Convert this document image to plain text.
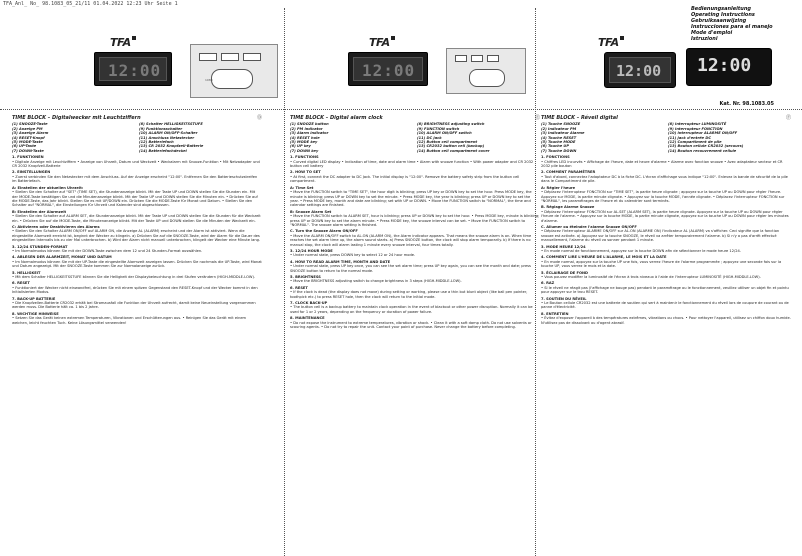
TFA_Anl_ No_ 98.1083_05_21/11 01.04.2022 12:23 Uhr Seite 1
TFA
12:00	1083
TFA
12:00
TFA
12:00
Bedienungsanleitung
Operating Instructions
Gebruiksaanwijzing
Instrucciones para el manejo
Mode d'emploi
Istruzioni
12:00
Kat. Nr. 98.1083.05
TIME BLOCK – Digitalwecker mit Leuchtziffern	Ⓓ
(1) SNOOZE-Taste
(2) Anzeige PM
(3) Anzeige Alarm
(4) RESET-Knopf
(5) MODE-Taste
(6) UP-Taste
(7) DOWN-Taste
(8) Schalter HELLIGKEITSSTUFE
(9) Funktionsschalter
(10) ALARM ON/OFF-Schalter
(11) Anschluss Netzstecker
(12) Batteriefach
(13) CR 2032 Knopfzell-Batterie
(14) Batteriefachdeckel
1. FUNKTIONEN

• Digitale Anzeige mit Leuchtziffern • Anzeige von Uhrzeit, Datum und Weckzeit • Weckalarm mit Snooze-Funktion • Mit Netzadapter und CR 2032 Knopfzell-Batterie

2. EINSTELLUNGEN

• Zuerst verbinden Sie den Netzstecker mit dem Anschluss. Auf der Anzeige erscheint "12:00". Entfernen Sie den Batterieschutzstreifen im Batteriefach.

A: Einstellen der aktuellen Uhrzeit:

• Stellen Sie den Schalter auf "SET" (TIME SET), die Stundenanzeige blinkt. Mit der Taste UP und DOWN stellen Sie die Stunden ein. Mit der MODE-Taste bestätigen Sie und die Minutenanzeige blinkt. Mit der Taste UP und DOWN stellen Sie die Minuten ein. • Drücken Sie auf die MODE-Taste, das Jahr blinkt. Stellen Sie es mit UP/DOWN ein. Drücken Sie die MODE-Taste für Monat und Datum. • Stellen Sie den Schalter auf "NORMAL", die Einstellungen für Uhrzeit und Kalender sind abgeschlossen.

B: Einstellen der Alarmzeit

• Stellen Sie den Schalter auf ALARM SET, die Stundenanzeige blinkt. Mit der Taste UP und DOWN stellen Sie die Stunden für die Weckzeit ein. • Drücken Sie auf die MODE-Taste, die Minutenanzeige blinkt. Mit der Taste UP und DOWN stellen Sie die Minuten der Weckzeit ein.

C: Aktivieren oder Deaktivieren des Alarms

• Stellen Sie den Schalter ALARM ON/OFF auf ALARM ON, die Anzeige AL (ALARM) erscheint und der Alarm ist aktiviert. Wenn die eingestellte Alarmzeit erreicht ist, beginnt der Wecker zu klingeln. a) Drücken Sie auf die SNOOZE-Taste, wird der Alarm für die Dauer des eingestellten Intervalls bis zu vier Mal unterbrochen. b) Wird der Alarm nicht manuell unterbrochen, klingelt der Wecker eine Minute lang.

3. 12/24 STUNDEN-FORMAT

• Im Normalmodus können Sie mit der DOWN-Taste zwischen dem 12 und 24 Stunden-Format auswählen.

4. ABLESEN DER ALARMZEIT, MONAT UND DATUM

• Im Normalmodus können Sie mit der UP-Taste die eingestellte Alarmzeit anzeigen lassen. Drücken Sie nochmals die UP-Taste, wird Monat und Datum angezeigt. Mit der SNOOZE-Taste kommen Sie zur Normalanzeige zurück.

5. HELLIGKEIT

• Mit dem Schalter HELLIGKEITSSTUFE können Sie die Helligkeit der Displaybeleuchtung in drei Stufen verändern (HIGH-MIDDLE-LOW).

6. RESET

• Funktioniert der Wecker nicht einwandfrei, drücken Sie mit einem spitzen Gegenstand den RESET-Knopf und der Wecker kommt in den Initialisierten Modus.

7. BACK-UP BATTERIE

• Die Knopfzellen-Batterie CR2032 erhält bei Stromausfall die Funktion der Uhrzeit aufrecht, damit keine Neueinstellung vorgenommen werden muss. Die Batterie hält ca. 1 bis 2 Jahre.

8. WICHTIGE HINWEISE

• Setzen Sie das Gerät keinen extremen Temperaturen, Vibrationen und Erschütterungen aus. • Reinigen Sie das Gerät mit einem weichen, leicht feuchten Tuch. Keine Lösungsmittel verwenden!

TIME BLOCK – Digital alarm clock	Ⓔ
(1) SNOOZE button
(2) PM indicator
(3) Alarm indicator
(4) RESET hole
(5) MODE key
(6) UP key
(7) DOWN key
(8) BRIGHTNESS adjusting switch
(9) FUNCTION switch
(10) ALARM ON/OFF switch
(11) DC Jack
(12) Button cell compartment
(13) CR2032 button cell (backup)
(14) Button cell compartment cover
1. FUNCTIONS

• Curved digital LED display • Indication of time, date and alarm time • Alarm with snooze function • With power adapter and CR 2032 button cell battery

2. HOW TO SET

• At first, connect the DC adapter to DC Jack. The initial display is "12:00". Remove the battery safety strip from the button cell compartment.

A: Time Set

• Move the FUNCTION switch to "TIME SET", the hour digit is blinking; press UP key or DOWN key to set the hour. Press MODE key, the minute is blinking; press UP or DOWN key to set the minute. • Press MODE key, the year is blinking; press UP or DOWN key to set the year. • Press MODE key, month and date are blinking; set with UP or DOWN. • Move the FUNCTION switch to "NORMAL", the time and calendar settings are finished.

B: Snooze Alarm Set

• Move the FUNCTION switch to ALARM SET, hour is blinking; press UP or DOWN key to set the hour. • Press MODE key, minute is blinking; press UP or DOWN key to set the alarm minute. • Press MODE key, the snooze interval can be set. • Move the FUNCTION switch to "NORMAL". The snooze alarm setting is finished.

C. Turn the Snooze Alarm ON/OFF

• Move the ALARM ON/OFF switch to AL.ON (ALARM ON), the Alarm indicator appears. That means the snooze alarm is on. When time reaches the set alarm time up, the alarm sound starts. a) Press SNOOZE button, the clock will stop alarm temporarily. b) If there is no manual stop, the clock will alarm lasting 1 minute every snooze interval, four times totally.

3. 12/24 HOUR MODE

• Under normal state, press DOWN key to select 12 or 24 hour mode.

4. HOW TO READ ALARM TIME, MONTH AND DATE

• Under normal state, press UP key once, you can see the set alarm time; press UP key again, you can see the month and date; press SNOOZE button to return to the normal mode.

5. BRIGHTNESS

• Move the BRIGHTNESS adjusting switch to change brightness in 3 steps (HIGH-MIDDLE-LOW).

6. RESET

• If the clock is dead (the display does not move) during setting or working, please use a thin but blunt object (like ball pen pointer, toothpick etc.) to press RESET hole, then the clock will return to the initial mode.

7. CLOCK BACK-UP

• The button cell is a backup battery to maintain clock operation in the event of blackout or other power disruption. Normally it can be used for 1 or 2 years, depending on the frequency or duration of power failure.

8. MAINTENANCE

• Do not expose the instrument to extreme temperatures, vibration or shock. • Clean it with a soft damp cloth. Do not use solvents or scouring agents. • Do not try to repair the unit. Contact your point of purchase. Never change the battery before completing.

TIME BLOCK – Réveil digital	Ⓕ
(1) Touche SNOOZE
(2) Indicateur PM
(3) Indicateur Alarme
(4) Touche RESET
(5) Touche MODE
(6) Touche UP
(7) Touche DOWN
(8) Interrupteur LUMINOSITÉ
(9) Interrupteur FONCTION
(10) Interrupteur ALARME ON/OFF
(11) Jack d'entrée DC
(12) Compartiment de pile
(13) Bouton cellule CR2032 (secours)
(14) Bouton recouvrement cellule
1. FONCTIONS

• Chiffres LED incurvés • Affichage de l'heure, date et heure d'alarme • Alarme avec fonction snooze • Avec adaptateur secteur et CR 2032 pile bouton

2. COMMENT PARAMÉTRER

• Tout d'abord, connectez l'adaptateur DC à la fiche DC. L'écran d'affichage vous indique "12:00". Enlevez la bande de sécurité de la pile dans le Compartiment de pile.

A: Régler l'heure

• Déplacez l'interrupteur FONCTION sur "TIME SET", la partie heure clignote ; appuyez sur la touche UP ou DOWN pour régler l'heure. Appuyez sur MODE, la partie minute clignote. • Appuyez sur la touche MODE, l'année clignote. • Déplacez l'interrupteur FONCTION sur "NORMAL", les paramétrages de l'heure et du calendrier sont terminés.

B. Réglage Alarme Snooze

• Déplacez l'interrupteur FONCTION sur AL.SET (ALARM SET), la partie heure clignote. Appuyez sur la touche UP ou DOWN pour régler l'heure de l'alarme. • Appuyez sur la touche MODE, la partie minute clignote, appuyez sur la touche UP ou DOWN pour régler les minutes d'alarme.

C. Allumer ou éteindre l'alarme Snooze ON/OFF

• Déplacez l'interrupteur ALARME ON/OFF sur AL.ON (ALARME ON) l'indicateur AL (ALARM) va s'afficher. Ceci signifie que la fonction snooze est activée. a) Appuyez sur la touche SNOOZE, le réveil va arrêter temporairement l'alarme. b) Si n'y a pas d'arrêt effectué manuellement, l'alarme du réveil va sonner pendant 1 minute.

3. MODE HEURE 12/24

• En mode normal de fonctionnement, appuyez sur la touche DOWN afin de sélectionner le mode heure 12/24.

4. COMMENT LIRE L'HEURE DE L'ALARME, LE MOIS ET LA DATE

• En mode normal, appuyez sur la touche UP une fois, vous verrez l'heure de l'alarme programmée ; appuyez une seconde fois sur la touche UP, vous verrez le mois et la date.

5. ÉCLAIRAGE DE FOND

• Vous pouvez modifier la luminosité de l'écran à trois niveaux à l'aide de l'interrupteur LUMINOSITÉ (HIGH-MIDDLE-LOW).

6. RAZ

• Si le réveil ne réagit pas (l'affichage ne bouge pas) pendant le paramétrage ou le fonctionnement, veuillez utiliser un objet fin et pointu pour appuyer sur le trou RESET.

7. SOUTIEN DU RÉVEIL

• Le Bouton cellule CR2032 est une batterie de soutien qui sert à maintenir le fonctionnement du réveil lors de coupure de courant ou de panne d'électricité.

8. ENTRETIEN

• Évitez d'exposer l'appareil à des températures extrêmes, vibrations ou chocs. • Pour nettoyer l'appareil, utilisez un chiffon doux humide. N'utilisez pas de dissolvant ou d'agent abrasif.
